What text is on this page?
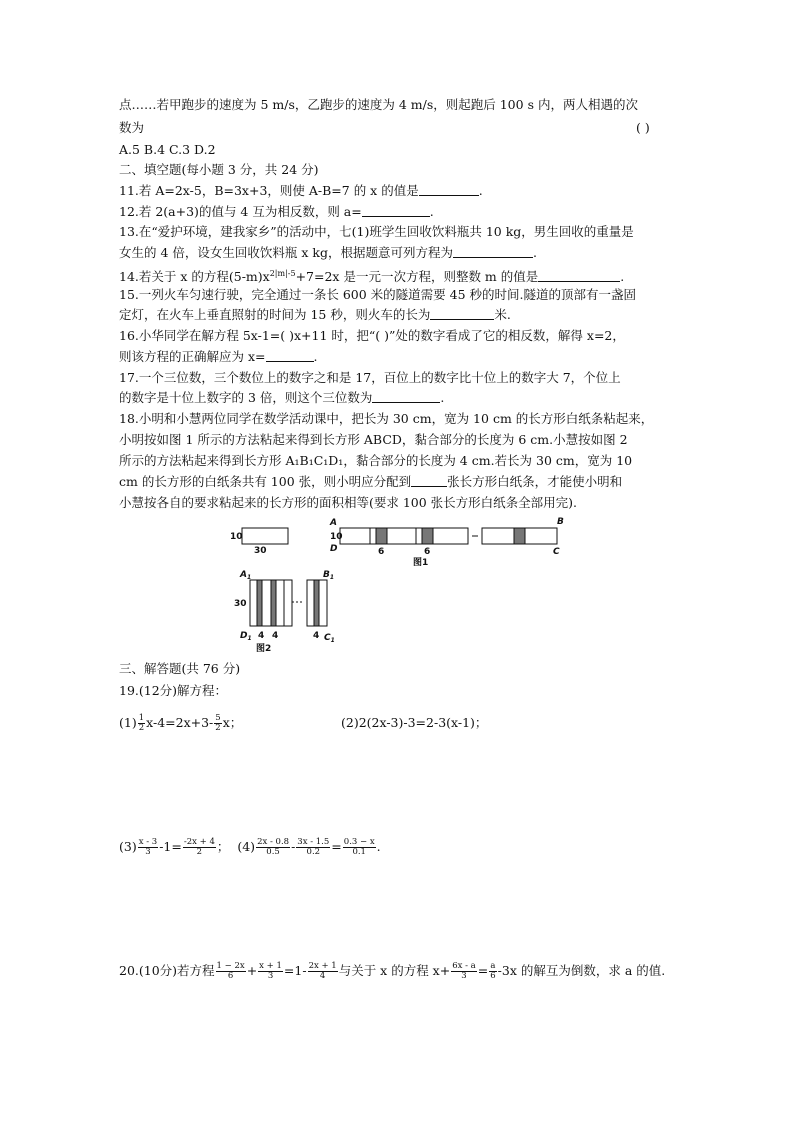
点……若甲跑步的速度为 5 m/s，乙跑步的速度为 4 m/s，则起跑后 100 s 内，两人相遇的次
数为	( )
A.5 B.4 C.3 D.2
二、填空题(每小题 3 分，共 24 分)
11.若 A=2x-5，B=3x+3，则使 A-B=7 的 x 的值是	.
12.若 2(a+3)的值与 4 互为相反数，则 a=	.
13.在“爱护环境，建我家乡”的活动中，七(1)班学生回收饮料瓶共 10 kg，男生回收的重量是
女生的 4 倍，设女生回收饮料瓶 x kg，根据题意可列方程为	.
14.若关于 x 的方程$(5-m)x^{2|m|-5}+7=2x$ 是一元一次方程，则整数 m 的值是	.
15.一列火车匀速行驶，完全通过一条长 600 米的隧道需要 45 秒的时间.隧道的顶部有一盏固
定灯，在火车上垂直照射的时间为 15 秒，则火车的长为	米.
16.小华同学在解方程 5x-1=( )x+11 时，把“( )”处的数字看成了它的相反数，解得 x=2，
则该方程的正确解应为 x=	.
17.一个三位数，三个数位上的数字之和是 17，百位上的数字比十位上的数字大 7，个位上
的数字是十位上数字的 3 倍，则这个三位数为	.
18.小明和小慧两位同学在数学活动课中，把长为 30 cm，宽为 10 cm 的长方形白纸条粘起来，
小明按如图 1 所示的方法粘起来得到长方形 ABCD，黏合部分的长度为 6 cm.小慧按如图 2
所示的方法粘起来得到长方形 A₁B₁C₁D₁，黏合部分的长度为 4 cm.若长为 30 cm，宽为 10
cm 的长方形的白纸条共有 100 张，则小明应分配到	张长方形白纸条，才能使小明和
小慧按各自的要求粘起来的长方形的面积相等(要求 100 张长方形白纸条全部用完).
10
30
A
10
D
B
C
6	6
图1
$A_1$	$B_1$
30
$D_1$ 4 4	4 $C_1$
图2
三、解答题(共 76 分)
19.(12分)解方程：
$(1) \frac{1}{2} x-4=2x+3- \frac{5}{2}$ x；	(2)2(2x-3)-3=2-3(x-1)；
$(3) \frac{x - 3}{3} -1= \frac{-2x + 4}{2}$ ； $(4) \frac{2x - 0.8}{0.5} - \frac{3x - 1.5}{0.2} = \frac{0.3 - x}{0.1}$ .
20.(10分)若方程 $\frac{1 - 2x}{6} + \frac{x + 1}{3} =1- \frac{2x + 1}{4}$ 与关于 x 的方程 $x+ \frac{6x - a}{3} = \frac{a}{6} -3x$ 的解互为倒数，求 a 的值.
